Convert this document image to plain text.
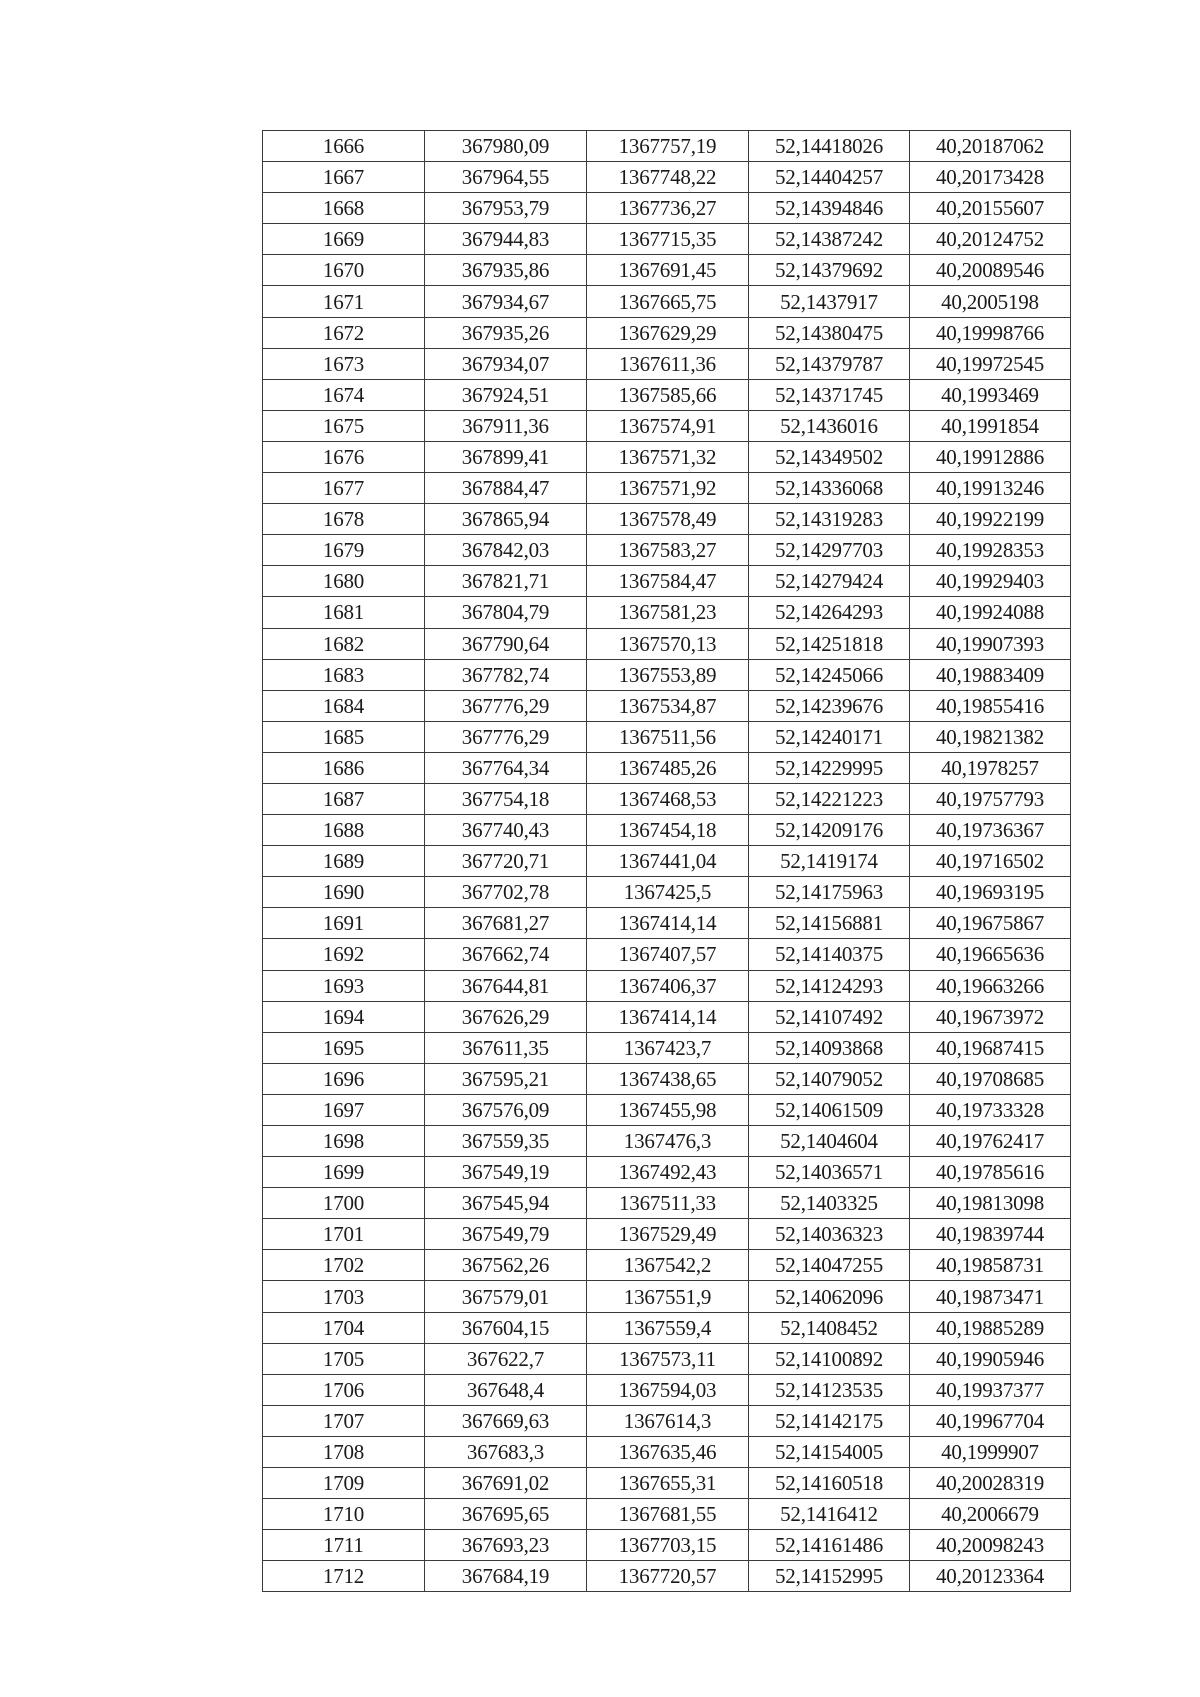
1666	367980,09	1367757,19	52,14418026	40,20187062
1667	367964,55	1367748,22	52,14404257	40,20173428
1668	367953,79	1367736,27	52,14394846	40,20155607
1669	367944,83	1367715,35	52,14387242	40,20124752
1670	367935,86	1367691,45	52,14379692	40,20089546
1671	367934,67	1367665,75	52,1437917	40,2005198
1672	367935,26	1367629,29	52,14380475	40,19998766
1673	367934,07	1367611,36	52,14379787	40,19972545
1674	367924,51	1367585,66	52,14371745	40,1993469
1675	367911,36	1367574,91	52,1436016	40,1991854
1676	367899,41	1367571,32	52,14349502	40,19912886
1677	367884,47	1367571,92	52,14336068	40,19913246
1678	367865,94	1367578,49	52,14319283	40,19922199
1679	367842,03	1367583,27	52,14297703	40,19928353
1680	367821,71	1367584,47	52,14279424	40,19929403
1681	367804,79	1367581,23	52,14264293	40,19924088
1682	367790,64	1367570,13	52,14251818	40,19907393
1683	367782,74	1367553,89	52,14245066	40,19883409
1684	367776,29	1367534,87	52,14239676	40,19855416
1685	367776,29	1367511,56	52,14240171	40,19821382
1686	367764,34	1367485,26	52,14229995	40,1978257
1687	367754,18	1367468,53	52,14221223	40,19757793
1688	367740,43	1367454,18	52,14209176	40,19736367
1689	367720,71	1367441,04	52,1419174	40,19716502
1690	367702,78	1367425,5	52,14175963	40,19693195
1691	367681,27	1367414,14	52,14156881	40,19675867
1692	367662,74	1367407,57	52,14140375	40,19665636
1693	367644,81	1367406,37	52,14124293	40,19663266
1694	367626,29	1367414,14	52,14107492	40,19673972
1695	367611,35	1367423,7	52,14093868	40,19687415
1696	367595,21	1367438,65	52,14079052	40,19708685
1697	367576,09	1367455,98	52,14061509	40,19733328
1698	367559,35	1367476,3	52,1404604	40,19762417
1699	367549,19	1367492,43	52,14036571	40,19785616
1700	367545,94	1367511,33	52,1403325	40,19813098
1701	367549,79	1367529,49	52,14036323	40,19839744
1702	367562,26	1367542,2	52,14047255	40,19858731
1703	367579,01	1367551,9	52,14062096	40,19873471
1704	367604,15	1367559,4	52,1408452	40,19885289
1705	367622,7	1367573,11	52,14100892	40,19905946
1706	367648,4	1367594,03	52,14123535	40,19937377
1707	367669,63	1367614,3	52,14142175	40,19967704
1708	367683,3	1367635,46	52,14154005	40,1999907
1709	367691,02	1367655,31	52,14160518	40,20028319
1710	367695,65	1367681,55	52,1416412	40,2006679
1711	367693,23	1367703,15	52,14161486	40,20098243
1712	367684,19	1367720,57	52,14152995	40,20123364
